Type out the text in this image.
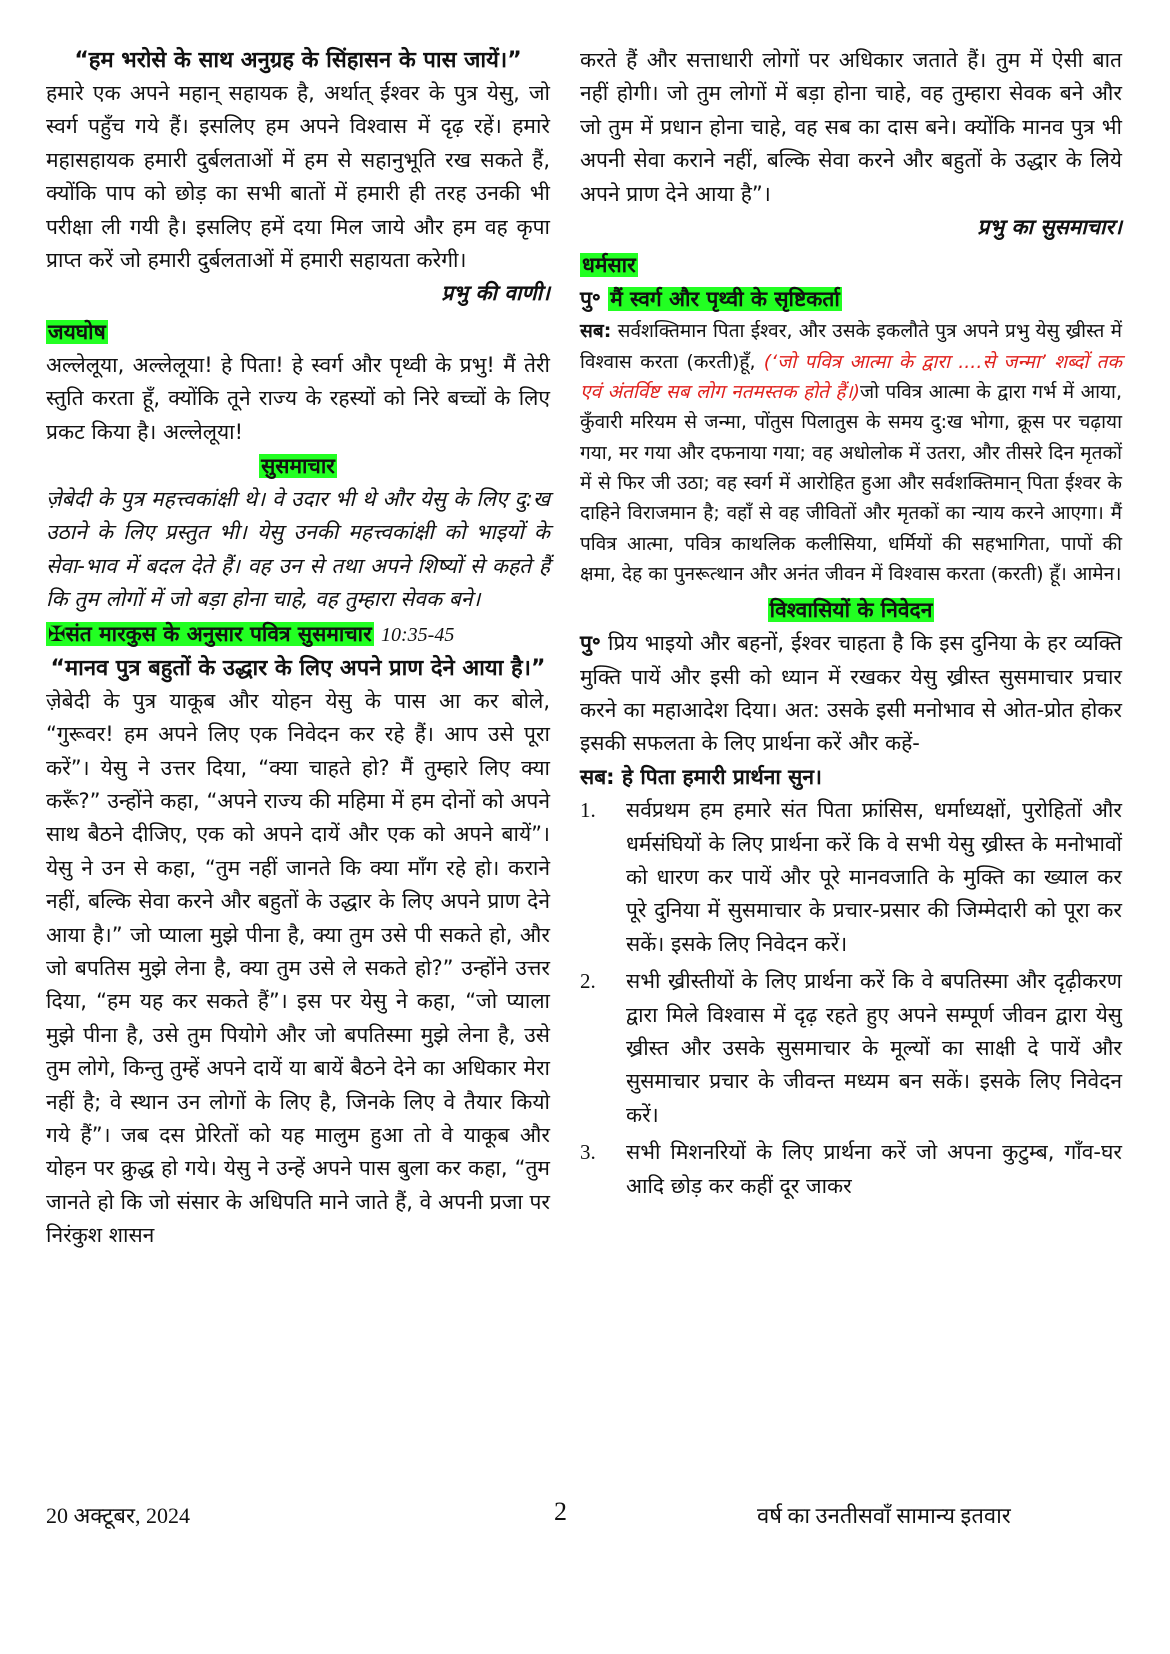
“हम भरोसे के साथ अनुग्रह के सिंहासन के पास जायें।”

हमारे एक अपने महान् सहायक है, अर्थात् ईश्वर के पुत्र येसु, जो स्वर्ग पहुँच गये हैं। इसलिए हम अपने विश्वास में दृढ़ रहें। हमारे महासहायक हमारी दुर्बलताओं में हम से सहानुभूति रख सकते हैं, क्योंकि पाप को छोड़ का सभी बातों में हमारी ही तरह उनकी भी परीक्षा ली गयी है। इसलिए हमें दया मिल जाये और हम वह कृपा प्राप्त करें जो हमारी दुर्बलताओं में हमारी सहायता करेगी।

प्रभु की वाणी।

जयघोष

अल्लेलूया, अल्लेलूया! हे पिता! हे स्वर्ग और पृथ्वी के प्रभु! मैं तेरी स्तुति करता हूँ, क्योंकि तूने राज्य के रहस्यों को निरे बच्चों के लिए प्रकट किया है। अल्लेलूया!

सुसमाचार

ज़ेबेदी के पुत्र महत्त्वकांक्षी थे। वे उदार भी थे और येसु के लिए दु:ख उठाने के लिए प्रस्तुत भी। येसु उनकी महत्त्वकांक्षी को भाइयों के सेवा-भाव में बदल देते हैं। वह उन से तथा अपने शिष्यों से कहते हैं कि तुम लोगों में जो बड़ा होना चाहे, वह तुम्हारा सेवक बने।

✠संत मारकुस के अनुसार पवित्र सुसमाचार 10:35-45

“मानव पुत्र बहुतों के उद्धार के लिए अपने प्राण देने आया है।”

ज़ेबेदी के पुत्र याकूब और योहन येसु के पास आ कर बोले, “गुरूवर! हम अपने लिए एक निवेदन कर रहे हैं। आप उसे पूरा करें”। येसु ने उत्तर दिया, “क्या चाहते हो? मैं तुम्हारे लिए क्या करूँ?” उन्होंने कहा, “अपने राज्य की महिमा में हम दोनों को अपने साथ बैठने दीजिए, एक को अपने दायें और एक को अपने बायें”। येसु ने उन से कहा, “तुम नहीं जानते कि क्या माँग रहे हो। कराने नहीं, बल्कि सेवा करने और बहुतों के उद्धार के लिए अपने प्राण देने आया है।” जो प्याला मुझे पीना है, क्या तुम उसे पी सकते हो, और जो बपतिस मुझे लेना है, क्या तुम उसे ले सकते हो?” उन्होंने उत्तर दिया, “हम यह कर सकते हैं”। इस पर येसु ने कहा, “जो प्याला मुझे पीना है, उसे तुम पियोगे और जो बपतिस्मा मुझे लेना है, उसे तुम लोगे, किन्तु तुम्हें अपने दायें या बायें बैठने देने का अधिकार मेरा नहीं है; वे स्थान उन लोगों के लिए है, जिनके लिए वे तैयार कियो गये हैं”। जब दस प्रेरितों को यह मालुम हुआ तो वे याकूब और योहन पर क्रुद्ध हो गये। येसु ने उन्हें अपने पास बुला कर कहा, “तुम जानते हो कि जो संसार के अधिपति माने जाते हैं, वे अपनी प्रजा पर निरंकुश शासन

करते हैं और सत्ताधारी लोगों पर अधिकार जताते हैं। तुम में ऐसी बात नहीं होगी। जो तुम लोगों में बड़ा होना चाहे, वह तुम्हारा सेवक बने और जो तुम में प्रधान होना चाहे, वह सब का दास बने। क्योंकि मानव पुत्र भी अपनी सेवा कराने नहीं, बल्कि सेवा करने और बहुतों के उद्धार के लिये अपने प्राण देने आया है”।

प्रभु का सुसमाचार।

धर्मसार
पु॰ मैं स्वर्ग और पृथ्वी के सृष्टिकर्ता

सब: सर्वशक्तिमान पिता ईश्वर, और उसके इकलौते पुत्र अपने प्रभु येसु ख्रीस्त में विश्वास करता (करती)हूँ, (‘जो पवित्र आत्मा के द्वारा ....से जन्मा’ शब्दों तक एवं अंतर्विष्ट सब लोग नतमस्तक होते हैं।)जो पवित्र आत्मा के द्वारा गर्भ में आया, कुँवारी मरियम से जन्मा, पोंतुस पिलातुस के समय दु:ख भोगा, क्रूस पर चढ़ाया गया, मर गया और दफनाया गया; वह अधोलोक में उतरा, और तीसरे दिन मृतकों में से फिर जी उठा; वह स्वर्ग में आरोहित हुआ और सर्वशक्तिमान् पिता ईश्वर के दाहिने विराजमान है; वहाँ से वह जीवितों और मृतकों का न्याय करने आएगा। मैं पवित्र आत्मा, पवित्र काथलिक कलीसिया, धर्मियों की सहभागिता, पापों की क्षमा, देह का पुनरूत्थान और अनंत जीवन में विश्वास करता (करती) हूँ। आमेन।

विश्वासियों के निवेदन

पु॰ प्रिय भाइयो और बहनों, ईश्वर चाहता है कि इस दुनिया के हर व्यक्ति मुक्ति पायें और इसी को ध्यान में रखकर येसु ख्रीस्त सुसमाचार प्रचार करने का महाआदेश दिया। अत: उसके इसी मनोभाव से ओत-प्रोत होकर इसकी सफलता के लिए प्रार्थना करें और कहें-

सब: हे पिता हमारी प्रार्थना सुन।

1.	सर्वप्रथम हम हमारे संत पिता फ्रांसिस, धर्माध्यक्षों, पुरोहितों और धर्मसंघियों के लिए प्रार्थना करें कि वे सभी येसु ख्रीस्त के मनोभावों को धारण कर पायें और पूरे मानवजाति के मुक्ति का ख्याल कर पूरे दुनिया में सुसमाचार के प्रचार-प्रसार की जिम्मेदारी को पूरा कर सकें। इसके लिए निवेदन करें।
2.	सभी ख्रीस्तीयों के लिए प्रार्थना करें कि वे बपतिस्मा और दृढ़ीकरण द्वारा मिले विश्वास में दृढ़ रहते हुए अपने सम्पूर्ण जीवन द्वारा येसु ख्रीस्त और उसके सुसमाचार के मूल्यों का साक्षी दे पायें और सुसमाचार प्रचार के जीवन्त मध्यम बन सकें। इसके लिए निवेदन करें।
3.	सभी मिशनरियों के लिए प्रार्थना करें जो अपना कुटुम्ब, गाँव-घर आदि छोड़ कर कहीं दूर जाकर
20 अक्टूबर, 2024	2	वर्ष का उनतीसवाँ सामान्य इतवार
